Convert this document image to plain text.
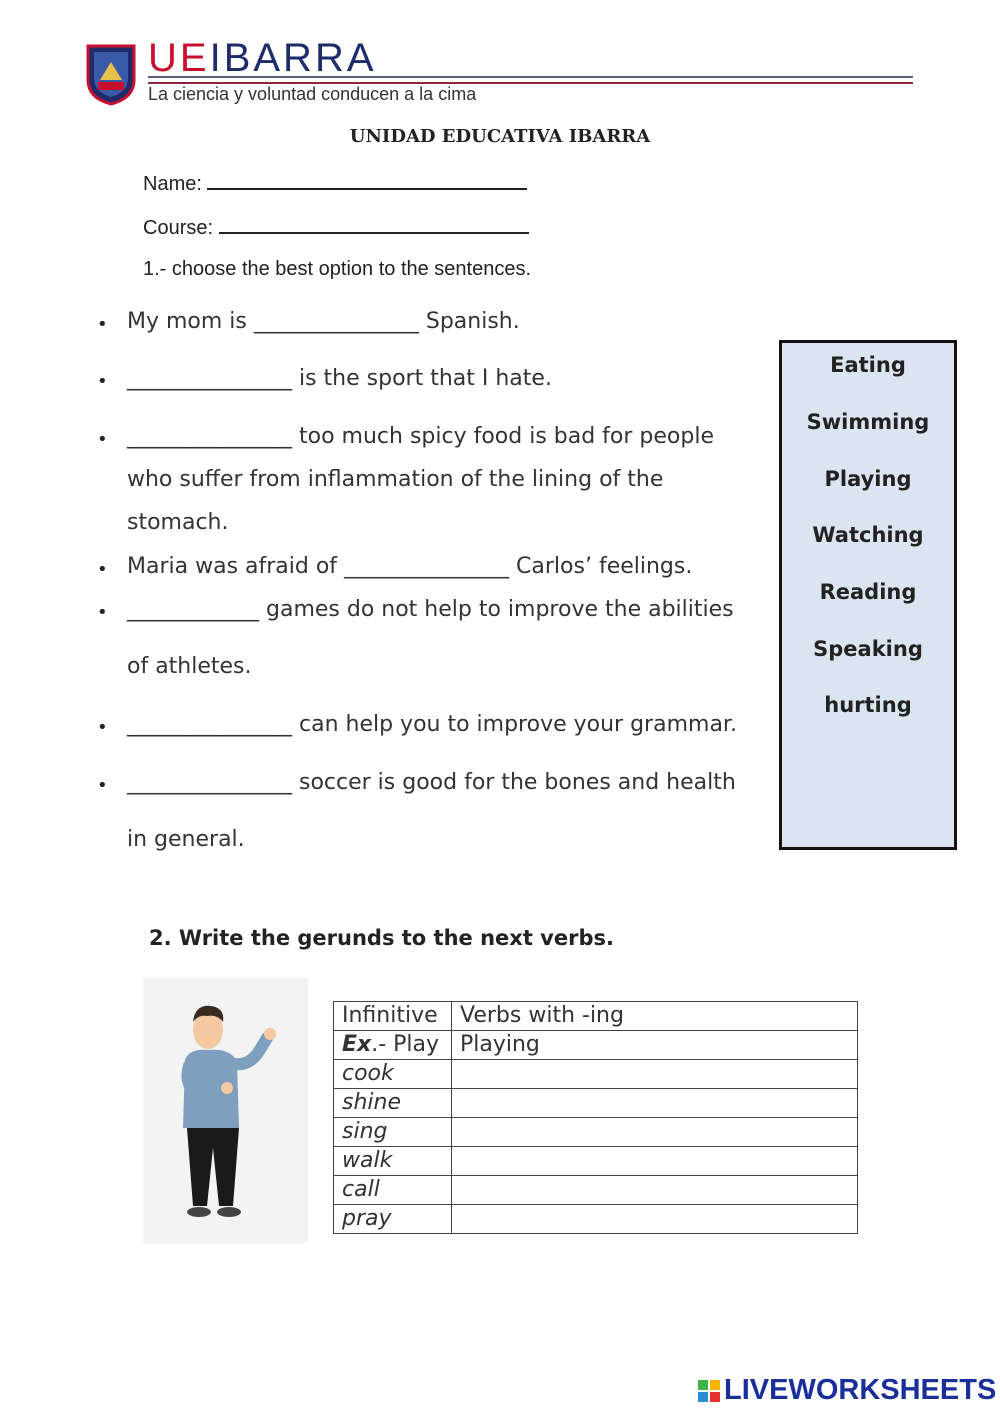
UEIBARRA
La ciencia y voluntad conducen a la cima
UNIDAD EDUCATIVA IBARRA
Name:
Course:
1.- choose the best option to the sentences.
• My mom is _______________ Spanish.
• _______________ is the sport that I hate.
• _______________ too much spicy food is bad for people
who suffer from inflammation of the lining of the
stomach.
• Maria was afraid of _______________ Carlos’ feelings.
• ____________ games do not help to improve the abilities
of athletes.
• _______________ can help you to improve your grammar.
• _______________ soccer is good for the bones and health
in general.
Eating
Swimming
Playing
Watching
Reading
Speaking
hurting
2. Write the gerunds to the next verbs.
Infinitive	Verbs with -ing
Ex.- Play	Playing
cook	
shine	
sing	
walk	
call	
pray	
LIVEWORKSHEETS
